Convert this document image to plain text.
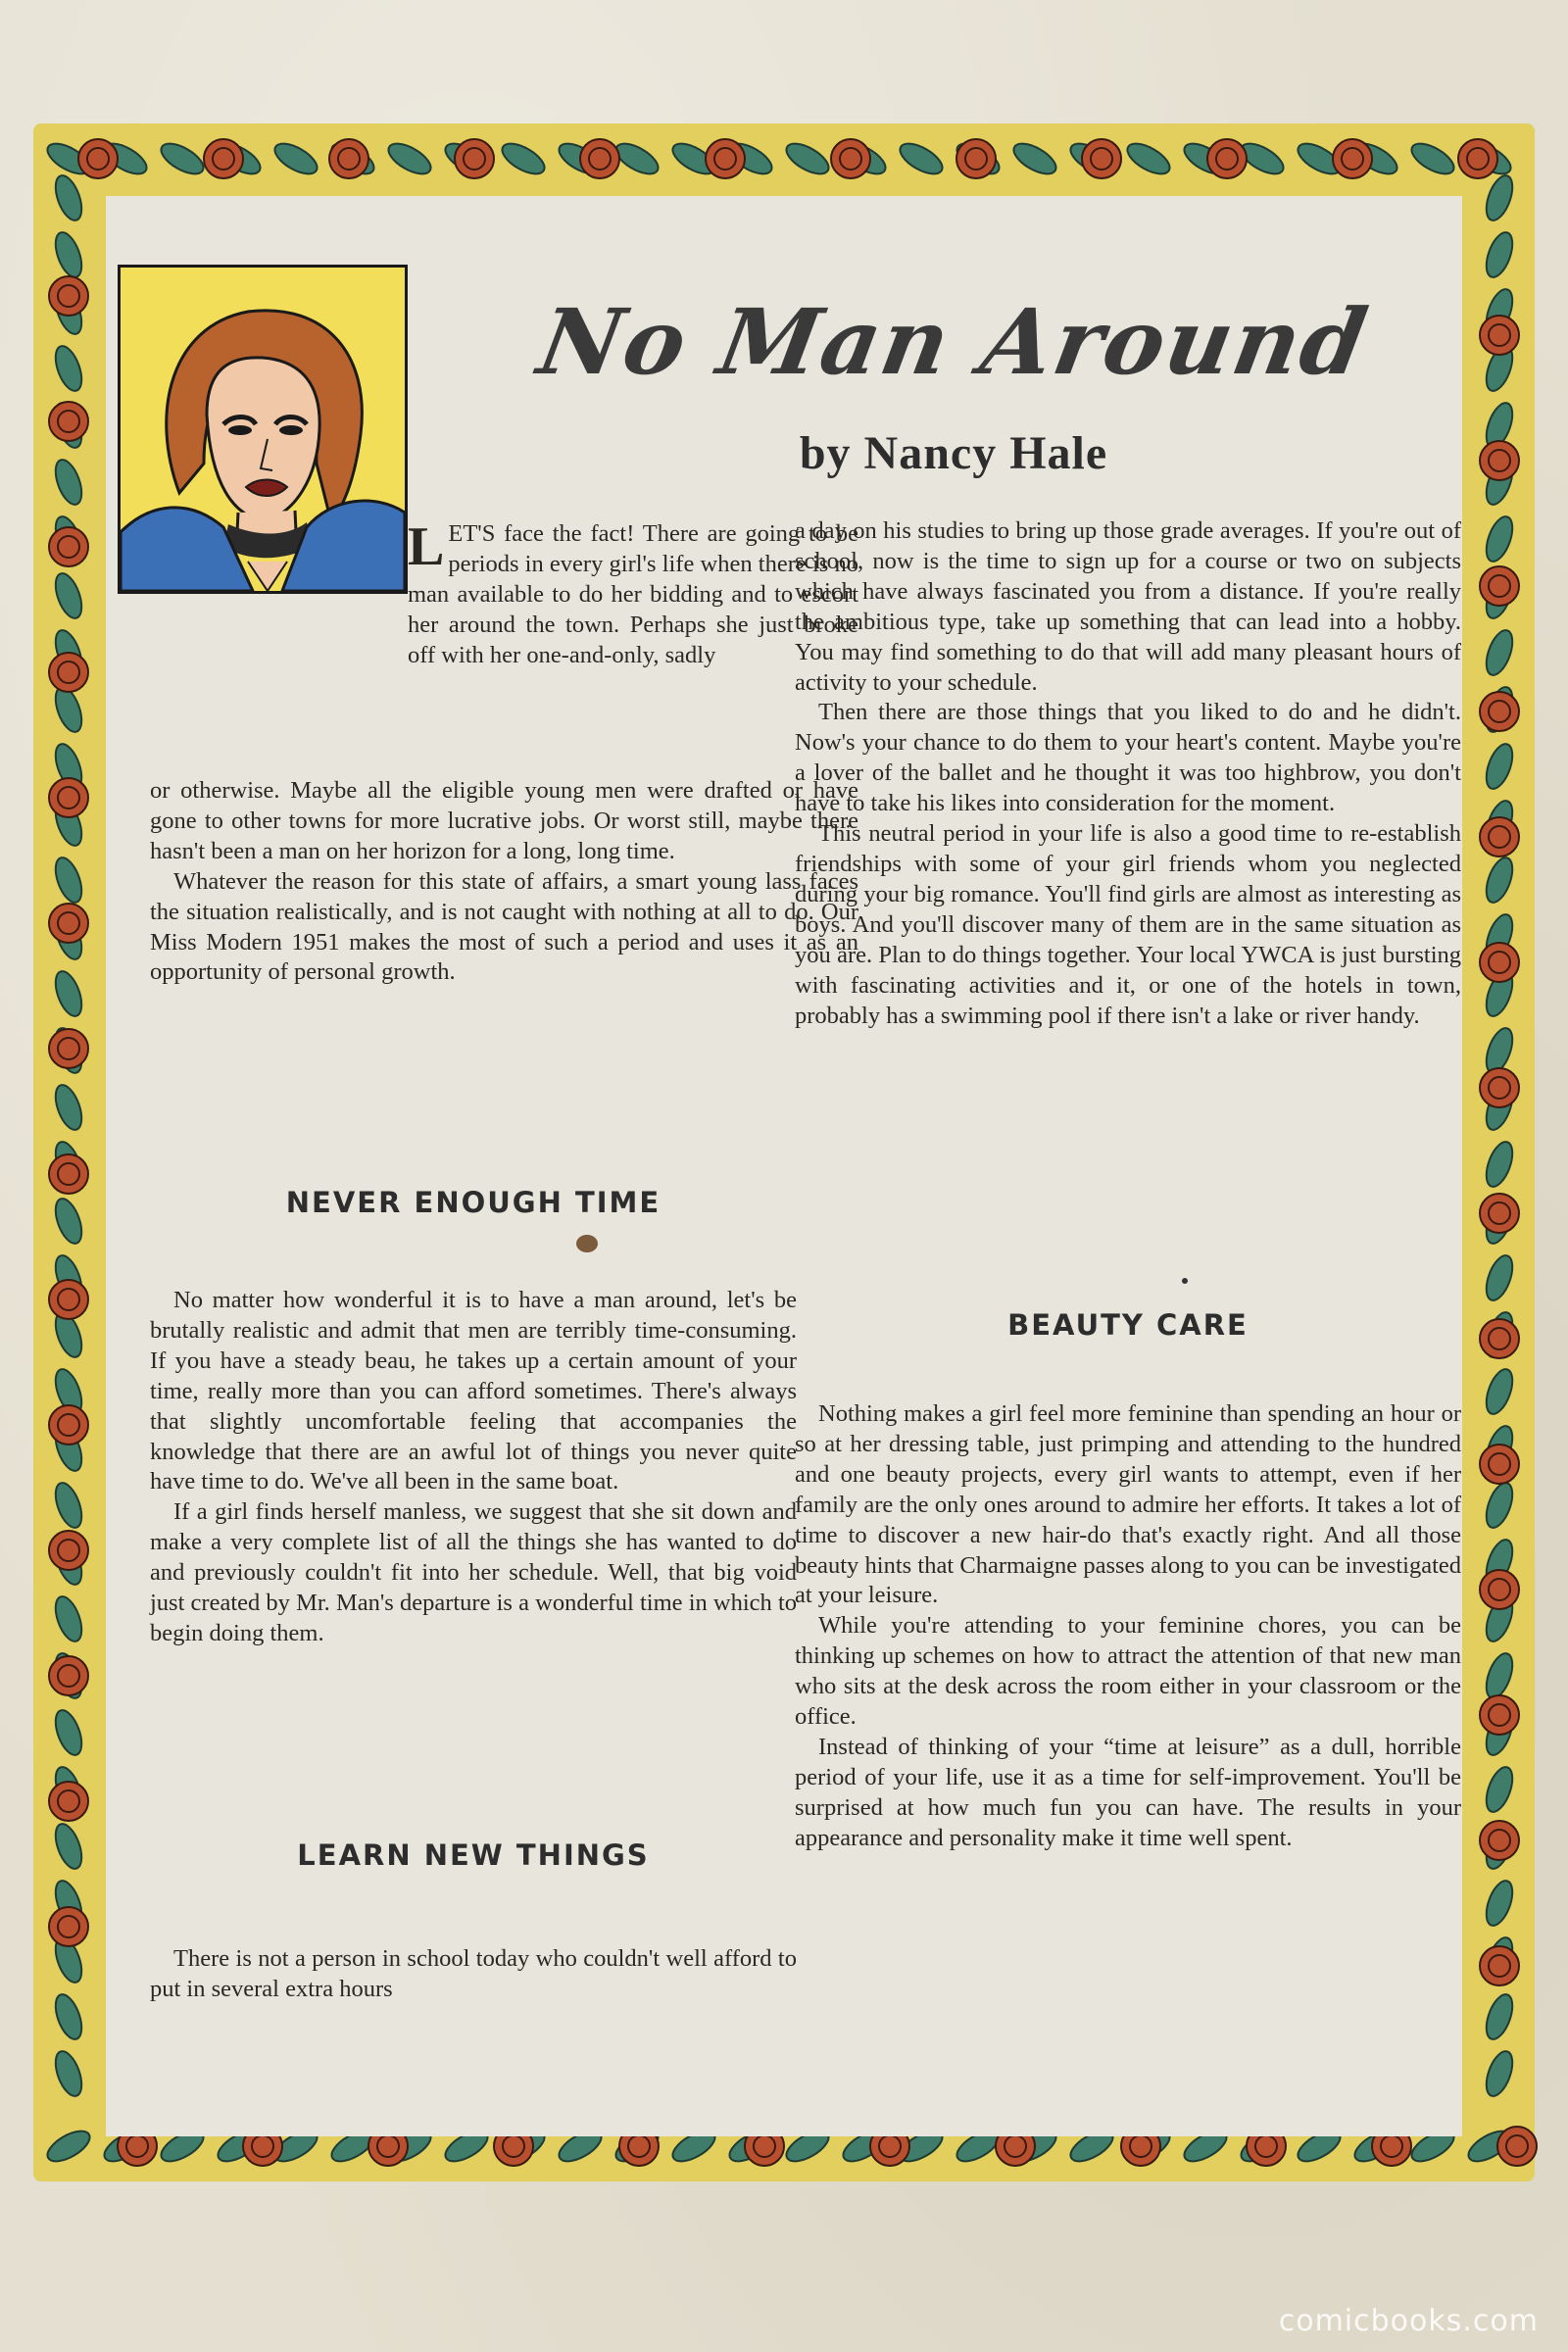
No Man Around
by Nancy Hale
LET'S face the fact! There are going to be periods in every girl's life when there is no man available to do her bidding and to escort her around the town. Perhaps she just broke off with her one-and-only, sadly

or otherwise. Maybe all the eligible young men were drafted or have gone to other towns for more lucrative jobs. Or worst still, maybe there hasn't been a man on her horizon for a long, long time.

Whatever the reason for this state of affairs, a smart young lass faces the situation realistically, and is not caught with nothing at all to do. Our Miss Modern 1951 makes the most of such a period and uses it as an opportunity of personal growth.

NEVER ENOUGH TIME

No matter how wonderful it is to have a man around, let's be brutally realistic and admit that men are terribly time-consuming. If you have a steady beau, he takes up a certain amount of your time, really more than you can afford sometimes. There's always that slightly uncomfortable feeling that accompanies the knowledge that there are an awful lot of things you never quite have time to do. We've all been in the same boat.

If a girl finds herself manless, we suggest that she sit down and make a very complete list of all the things she has wanted to do and previously couldn't fit into her schedule. Well, that big void just created by Mr. Man's departure is a wonderful time in which to begin doing them.

LEARN NEW THINGS

There is not a person in school today who couldn't well afford to put in several extra hours

a day on his studies to bring up those grade averages. If you're out of school, now is the time to sign up for a course or two on subjects which have always fascinated you from a distance. If you're really the ambitious type, take up something that can lead into a hobby. You may find something to do that will add many pleasant hours of activity to your schedule.

Then there are those things that you liked to do and he didn't. Now's your chance to do them to your heart's content. Maybe you're a lover of the ballet and he thought it was too highbrow, you don't have to take his likes into consideration for the moment.

This neutral period in your life is also a good time to re-establish friendships with some of your girl friends whom you neglected during your big romance. You'll find girls are almost as interesting as boys. And you'll discover many of them are in the same situation as you are. Plan to do things together. Your local YWCA is just bursting with fascinating activities and it, or one of the hotels in town, probably has a swimming pool if there isn't a lake or river handy.

BEAUTY CARE

Nothing makes a girl feel more feminine than spending an hour or so at her dressing table, just primping and attending to the hundred and one beauty projects, every girl wants to attempt, even if her family are the only ones around to admire her efforts. It takes a lot of time to discover a new hair-do that's exactly right. And all those beauty hints that Charmaigne passes along to you can be investigated at your leisure.

While you're attending to your feminine chores, you can be thinking up schemes on how to attract the attention of that new man who sits at the desk across the room either in your classroom or the office.

Instead of thinking of your “time at leisure” as a dull, horrible period of your life, use it as a time for self-improvement. You'll be surprised at how much fun you can have. The results in your appearance and personality make it time well spent.

comicbooks.com
